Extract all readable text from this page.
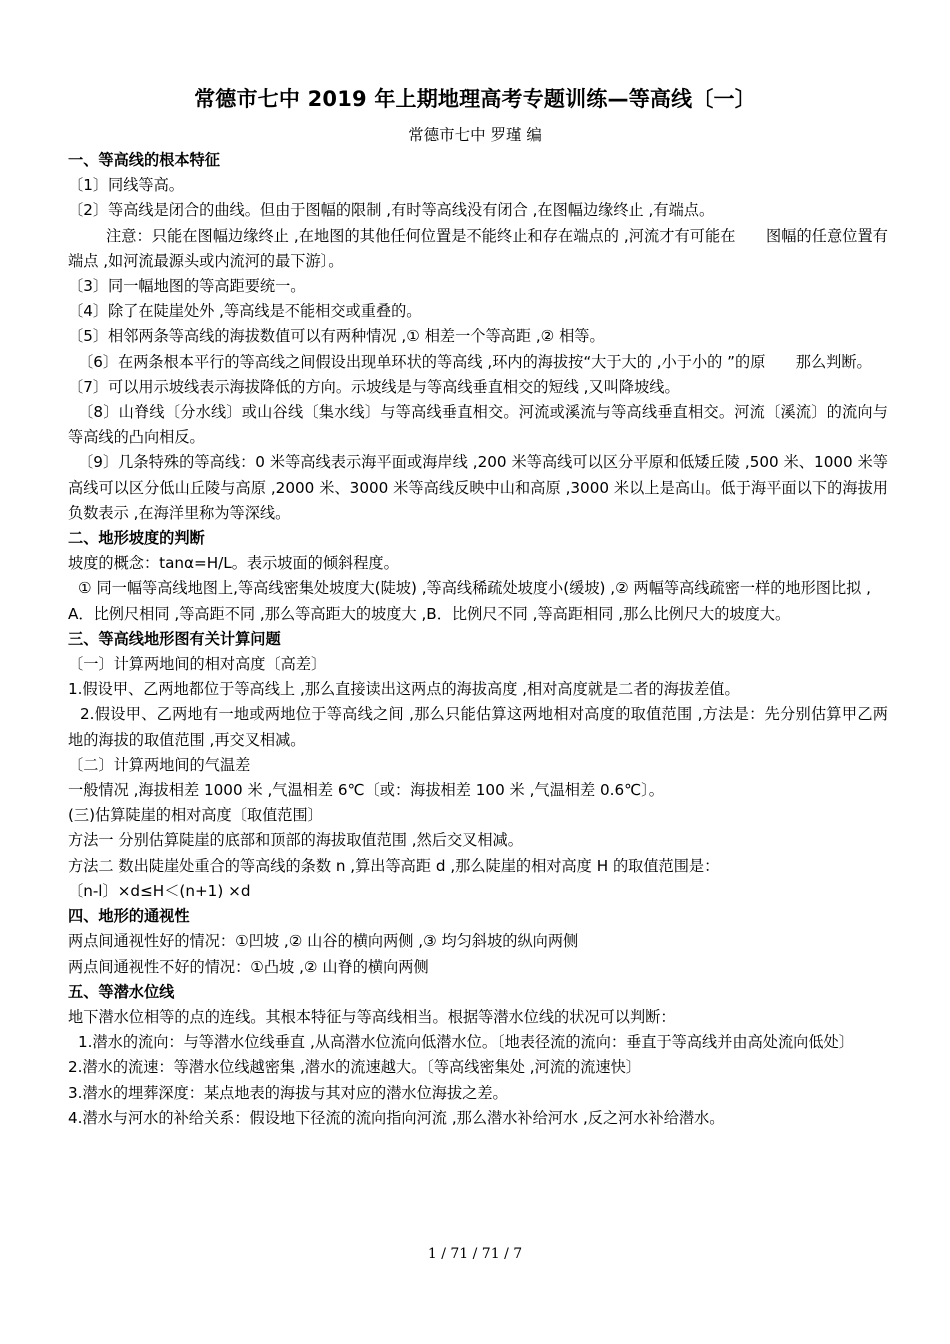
常德市七中 2019 年上期地理高考专题训练—等高线〔一〕
常德市七中 罗瑾 编

一、等高线的根本特征

〔1〕同线等高。

〔2〕等高线是闭合的曲线。但由于图幅的限制 ,有时等高线没有闭合 ,在图幅边缘终止 ,有端点。

注意：只能在图幅边缘终止 ,在地图的其他任何位置是不能终止和存在端点的 ,河流才有可能在　　图幅的任意位置有端点 ,如河流最源头或内流河的最下游〕。

〔3〕同一幅地图的等高距要统一。

〔4〕除了在陡崖处外 ,等高线是不能相交或重叠的。

〔5〕相邻两条等高线的海拔数值可以有两种情况 ,① 相差一个等高距 ,② 相等。

〔6〕在两条根本平行的等高线之间假设出现单环状的等高线 ,环内的海拔按“大于大的 ,小于小的 ”的原　　那么判断。

〔7〕可以用示坡线表示海拔降低的方向。示坡线是与等高线垂直相交的短线 ,又叫降坡线。

〔8〕山脊线〔分水线〕或山谷线〔集水线〕与等高线垂直相交。河流或溪流与等高线垂直相交。河流〔溪流〕的流向与等高线的凸向相反。

〔9〕几条特殊的等高线：0 米等高线表示海平面或海岸线 ,200 米等高线可以区分平原和低矮丘陵 ,500 米、1000 米等高线可以区分低山丘陵与高原 ,2000 米、3000 米等高线反映中山和高原 ,3000 米以上是高山。低于海平面以下的海拔用负数表示 ,在海洋里称为等深线。

二、地形坡度的判断

坡度的概念：tanα=H/L。表示坡面的倾斜程度。

① 同一幅等高线地图上,等高线密集处坡度大(陡坡) ,等高线稀疏处坡度小(缓坡) ,② 两幅等高线疏密一样的地形图比拟 ,

A．比例尺相同 ,等高距不同 ,那么等高距大的坡度大 ,B．比例尺不同 ,等高距相同 ,那么比例尺大的坡度大。

三、等高线地形图有关计算问题

〔一〕计算两地间的相对高度〔高差〕

1.假设甲、乙两地都位于等高线上 ,那么直接读出这两点的海拔高度 ,相对高度就是二者的海拔差值。

2.假设甲、乙两地有一地或两地位于等高线之间 ,那么只能估算这两地相对高度的取值范围 ,方法是：先分别估算甲乙两地的海拔的取值范围 ,再交叉相减。

〔二〕计算两地间的气温差

一般情况 ,海拔相差 1000 米 ,气温相差 6℃〔或：海拔相差 100 米 ,气温相差 0.6℃〕。

(三)估算陡崖的相对高度〔取值范围〕

方法一 分别估算陡崖的底部和顶部的海拔取值范围 ,然后交叉相减。

方法二 数出陡崖处重合的等高线的条数 n ,算出等高距 d ,那么陡崖的相对高度 H 的取值范围是：

〔n-l〕×d≤H＜(n+1) ×d

四、地形的通视性

两点间通视性好的情况：①凹坡 ,② 山谷的横向两侧 ,③ 均匀斜坡的纵向两侧

两点间通视性不好的情况：①凸坡 ,② 山脊的横向两侧

五、等潜水位线

地下潜水位相等的点的连线。其根本特征与等高线相当。根据等潜水位线的状况可以判断：

1.潜水的流向：与等潜水位线垂直 ,从高潜水位流向低潜水位。〔地表径流的流向：垂直于等高线并由高处流向低处〕

2.潜水的流速：等潜水位线越密集 ,潜水的流速越大。〔等高线密集处 ,河流的流速快〕

3.潜水的埋葬深度：某点地表的海拔与其对应的潜水位海拔之差。

4.潜水与河水的补给关系：假设地下径流的流向指向河流 ,那么潜水补给河水 ,反之河水补给潜水。

1 / 71 / 71 / 7
